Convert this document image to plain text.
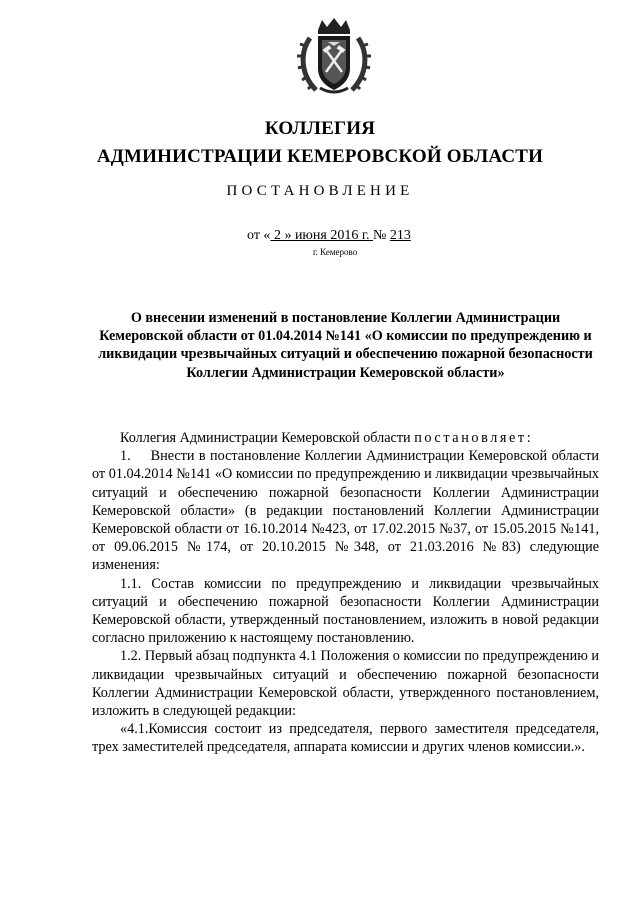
КОЛЛЕГИЯ
АДМИНИСТРАЦИИ КЕМЕРОВСКОЙ ОБЛАСТИ
ПОСТАНОВЛЕНИЕ
от « 2 » июня 2016 г. № 213
г. Кемерово
О внесении изменений в постановление Коллегии Администрации Кемеровской области от 01.04.2014 №141 «О комиссии по предупреждению и ликвидации чрезвычайных ситуаций и обеспечению пожарной безопасности Коллегии Администрации Кемеровской области»

Коллегия Администрации Кемеровской области постановляет:

1. Внести в постановление Коллегии Администрации Кемеровской области от 01.04.2014 №141 «О комиссии по предупреждению и ликвидации чрезвычайных ситуаций и обеспечению пожарной безопасности Коллегии Администрации Кемеровской области» (в редакции постановлений Коллегии Администрации Кемеровской области от 16.10.2014 №423, от 17.02.2015 №37, от 15.05.2015 №141, от 09.06.2015 №174, от 20.10.2015 №348, от 21.03.2016 №83) следующие изменения:

1.1. Состав комиссии по предупреждению и ликвидации чрезвычайных ситуаций и обеспечению пожарной безопасности Коллегии Администрации Кемеровской области, утвержденный постановлением, изложить в новой редакции согласно приложению к настоящему постановлению.

1.2. Первый абзац подпункта 4.1 Положения о комиссии по предупреждению и ликвидации чрезвычайных ситуаций и обеспечению пожарной безопасности Коллегии Администрации Кемеровской области, утвержденного постановлением, изложить в следующей редакции:

«4.1.Комиссия состоит из председателя, первого заместителя председателя, трех заместителей председателя, аппарата комиссии и других членов комиссии.».
